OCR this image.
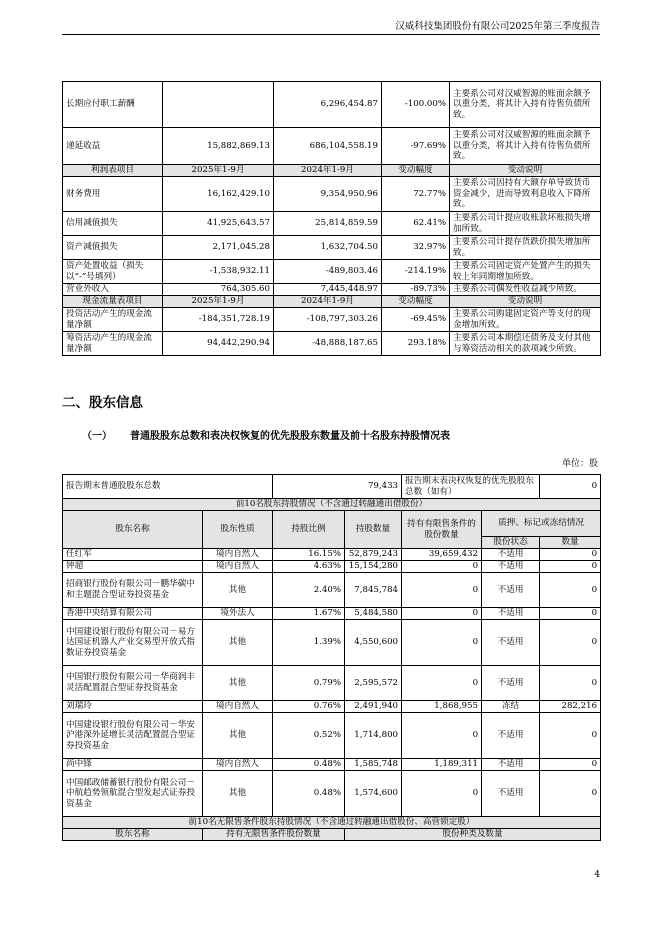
汉威科技集团股份有限公司2025年第三季度报告
长期应付职工薪酬		6,296,454.87	-100.00%	主要系公司对汉威智源的账面余额予以重分类，将其计入持有待售负债所致。
递延收益	15,882,869.13	686,104,558.19	-97.69%	主要系公司对汉威智源的账面余额予以重分类，将其计入持有待售负债所致。
利润表项目	2025年1-9月	2024年1-9月	变动幅度	变动说明
财务费用	16,162,429.10	9,354,950.96	72.77%	主要系公司因持有大额存单导致货币资金减少，进而导致利息收入下降所致。
信用减值损失	41,925,643.57	25,814,859.59	62.41%	主要系公司计提应收账款坏账损失增加所致。
资产减值损失	2,171,045.28	1,632,704.50	32.97%	主要系公司计提存货跌价损失增加所致。
资产处置收益（损失以“-”号填列）	-1,538,932.11	-489,803.46	-214.19%	主要系公司固定资产处置产生的损失较上年同期增加所致。
营业外收入	764,305.60	7,445,448.97	-89.73%	主要系公司偶发性收益减少所致。
现金流量表项目	2025年1-9月	2024年1-9月	变动幅度	变动说明
投资活动产生的现金流量净额	-184,351,728.19	-108,797,303.26	-69.45%	主要系公司购建固定资产等支付的现金增加所致。
筹资活动产生的现金流量净额	94,442,290.94	-48,888,187.65	293.18%	主要系公司本期偿还债务及支付其他与筹资活动相关的款项减少所致。
二、股东信息
（一） 普通股股东总数和表决权恢复的优先股股东数量及前十名股东持股情况表
单位：股
报告期末普通股股东总数		79,433		报告期末表决权恢复的优先股股东总数（如有）		0
前10名股东持股情况（不含通过转融通出借股份）						
股东名称	股东性质	持股比例	持股数量	持有有限售条件的股份数量	质押、标记或冻结情况	
					股份状态	数量
任红军	境内自然人	16.15%	52,879,243	39,659,432	不适用	0
钟超	境内自然人	4.63%	15,154,280	0	不适用	0
招商银行股份有限公司－鹏华碳中和主题混合型证券投资基金	其他	2.40%	7,845,784	0	不适用	0
香港中央结算有限公司	境外法人	1.67%	5,484,580	0	不适用	0
中国建设银行股份有限公司－易方达国证机器人产业交易型开放式指数证券投资基金	其他	1.39%	4,550,600	0	不适用	0
中国银行股份有限公司－华商润丰灵活配置混合型证券投资基金	其他	0.79%	2,595,572	0	不适用	0
刘瑞玲	境内自然人	0.76%	2,491,940	1,868,955	冻结	282,216
中国建设银行股份有限公司－华安沪港深外延增长灵活配置混合型证券投资基金	其他	0.52%	1,714,800	0	不适用	0
尚中锋	境内自然人	0.48%	1,585,748	1,189,311	不适用	0
中国邮政储蓄银行股份有限公司－中航趋势领航混合型发起式证券投资基金	其他	0.48%	1,574,600	0	不适用	0
前10名无限售条件股东持股情况（不含通过转融通出借股份、高管锁定股）						
股东名称	持有无限售条件股份数量		股份种类及数量			
4
